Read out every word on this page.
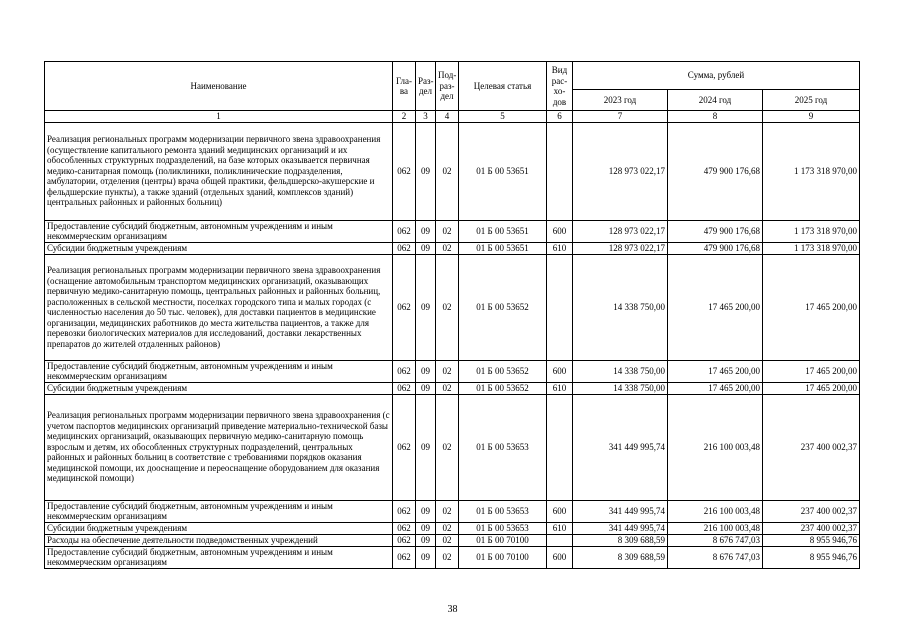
Наименование	Гла-ва	Раз-дел	Под-раз-дел	Целевая статья	Вид рас-хо-дов	Сумма, рублей		
						2023 год	2024 год	2025 год
1	2	3	4	5	6	7	8	9
Реализация региональных программ модернизации первичного звена здравоохранения (осуществление капитального ремонта зданий медицинских организаций и их обособленных структурных подразделений, на базе которых оказывается первичная медико-санитарная помощь (поликлиники, поликлинические подразделения, амбулатории, отделения (центры) врача общей практики, фельдшерско-акушерские и фельдшерские пункты), а также зданий (отдельных зданий, комплексов зданий) центральных районных и районных больниц)	062	09	02	01 Б 00 53651		128 973 022,17	479 900 176,68	1 173 318 970,00
Предоставление субсидий бюджетным, автономным учреждениям и иным некоммерческим организациям	062	09	02	01 Б 00 53651	600	128 973 022,17	479 900 176,68	1 173 318 970,00
Субсидии бюджетным учреждениям	062	09	02	01 Б 00 53651	610	128 973 022,17	479 900 176,68	1 173 318 970,00
Реализация региональных программ модернизации первичного звена здравоохранения (оснащение автомобильным транспортом медицинских организаций, оказывающих первичную медико-санитарную помощь, центральных районных и районных больниц, расположенных в сельской местности, поселках городского типа и малых городах (с численностью населения до 50 тыс. человек), для доставки пациентов в медицинские организации, медицинских работников до места жительства пациентов, а также для перевозки биологических материалов для исследований, доставки лекарственных препаратов до жителей отдаленных районов)	062	09	02	01 Б 00 53652		14 338 750,00	17 465 200,00	17 465 200,00
Предоставление субсидий бюджетным, автономным учреждениям и иным некоммерческим организациям	062	09	02	01 Б 00 53652	600	14 338 750,00	17 465 200,00	17 465 200,00
Субсидии бюджетным учреждениям	062	09	02	01 Б 00 53652	610	14 338 750,00	17 465 200,00	17 465 200,00
Реализация региональных программ модернизации первичного звена здравоохранения (с учетом паспортов медицинских организаций приведение материально-технической базы медицинских организаций, оказывающих первичную медико-санитарную помощь взрослым и детям, их обособленных структурных подразделений, центральных районных и районных больниц в соответствие с требованиями порядков оказания медицинской помощи, их дооснащение и переоснащение оборудованием для оказания медицинской помощи)	062	09	02	01 Б 00 53653		341 449 995,74	216 100 003,48	237 400 002,37
Предоставление субсидий бюджетным, автономным учреждениям и иным некоммерческим организациям	062	09	02	01 Б 00 53653	600	341 449 995,74	216 100 003,48	237 400 002,37
Субсидии бюджетным учреждениям	062	09	02	01 Б 00 53653	610	341 449 995,74	216 100 003,48	237 400 002,37
Расходы на обеспечение деятельности подведомственных учреждений	062	09	02	01 Б 00 70100		8 309 688,59	8 676 747,03	8 955 946,76
Предоставление субсидий бюджетным, автономным учреждениям и иным некоммерческим организациям	062	09	02	01 Б 00 70100	600	8 309 688,59	8 676 747,03	8 955 946,76
38
